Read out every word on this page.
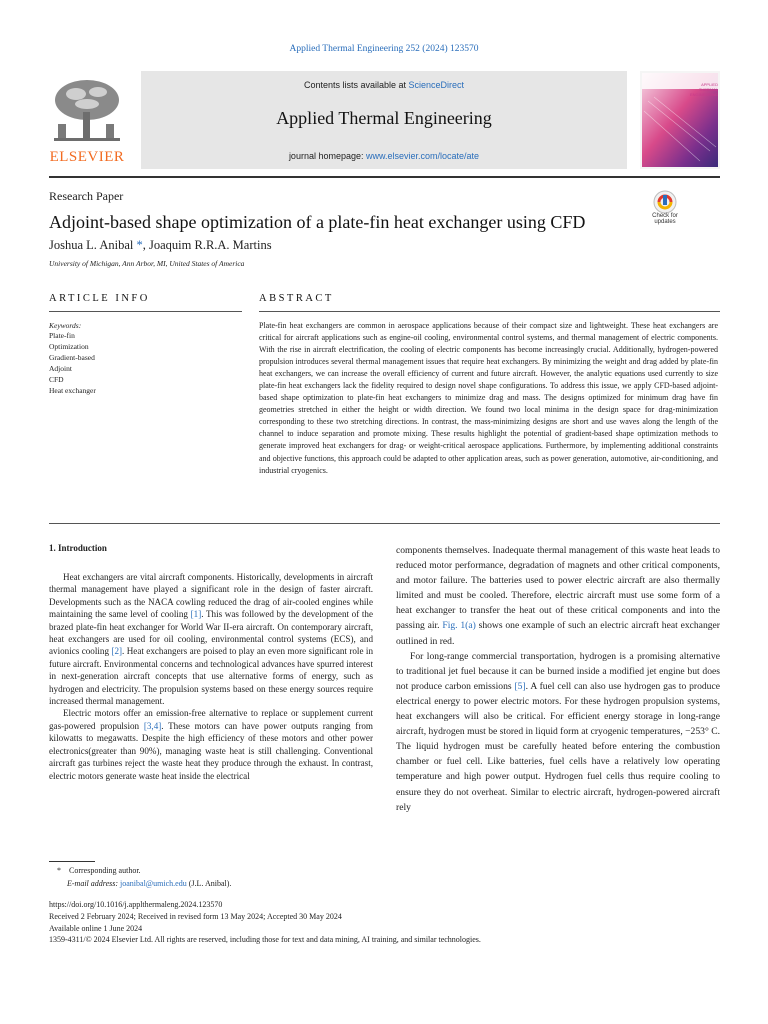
Applied Thermal Engineering 252 (2024) 123570
ELSEVIER
Contents lists available at ScienceDirect
Applied Thermal Engineering
journal homepage: www.elsevier.com/locate/ate
APPLIED
THERMAL
ENGINEERING
Research Paper
Adjoint-based shape optimization of a plate-fin heat exchanger using CFD	Check for updates
Joshua L. Anibal *, Joaquim R.R.A. Martins
University of Michigan, Ann Arbor, MI, United States of America
ARTICLE INFO	ABSTRACT
Keywords:
Plate-fin
Optimization
Gradient-based
Adjoint
CFD
Heat exchanger
Plate-fin heat exchangers are common in aerospace applications because of their compact size and lightweight. These heat exchangers are critical for aircraft applications such as engine-oil cooling, environmental control systems, and thermal management of electric components. With the rise in aircraft electrification, the cooling of electric components has become increasingly crucial. Additionally, hydrogen-powered propulsion introduces several thermal management issues that require heat exchangers. By minimizing the weight and drag added by plate-fin heat exchangers, we can increase the overall efficiency of current and future aircraft. However, the analytic equations used currently to size plate-fin heat exchangers lack the fidelity required to design novel shape configurations. To address this issue, we apply CFD-based adjoint-based shape optimization to plate-fin heat exchangers to minimize drag and mass. The designs optimized for minimum drag have fin geometries stretched in either the height or width direction. We found two local minima in the design space for drag-minimization corresponding to these two stretching directions. In contrast, the mass-minimizing designs are short and use waves along the length of the channel to induce separation and promote mixing. These results highlight the potential of gradient-based shape optimization methods to generate improved heat exchangers for drag- or weight-critical aerospace applications. Furthermore, by implementing additional constraints and objective functions, this approach could be adapted to other application areas, such as power generation, automotive, air-conditioning, and industrial cryogenics.
1. Introduction

Heat exchangers are vital aircraft components. Historically, developments in aircraft thermal management have played a significant role in the design of faster aircraft. Developments such as the NACA cowling reduced the drag of air-cooled engines while maintaining the same level of cooling [1]. This was followed by the development of the brazed plate-fin heat exchanger for World War II-era aircraft. On contemporary aircraft, heat exchangers are used for oil cooling, environmental control systems (ECS), and avionics cooling [2]. Heat exchangers are poised to play an even more significant role in future aircraft. Environmental concerns and technological advances have spurred interest in next-generation aircraft concepts that use alternative forms of energy, such as hydrogen and electricity. The propulsion systems based on these energy sources require increased thermal management.

Electric motors offer an emission-free alternative to replace or supplement current gas-powered propulsion [3,4]. These motors can have power outputs ranging from kilowatts to megawatts. Despite the high efficiency of these motors and other power electronics(greater than 90%), managing waste heat is still challenging. Conventional aircraft gas turbines reject the waste heat they produce through the exhaust. In contrast, electric motors generate waste heat inside the electrical

components themselves. Inadequate thermal management of this waste heat leads to reduced motor performance, degradation of magnets and other critical components, and motor failure. The batteries used to power electric aircraft are also thermally limited and must be cooled. Therefore, electric aircraft must use some form of a heat exchanger to transfer the heat out of these critical components and into the passing air. Fig. 1(a) shows one example of such an electric aircraft heat exchanger outlined in red.

For long-range commercial transportation, hydrogen is a promising alternative to traditional jet fuel because it can be burned inside a modified jet engine but does not produce carbon emissions [5]. A fuel cell can also use hydrogen gas to produce electrical energy to power electric motors. For these hydrogen propulsion systems, heat exchangers will also be critical. For efficient energy storage in long-range aircraft, hydrogen must be stored in liquid form at cryogenic temperatures, −253° C. The liquid hydrogen must be carefully heated before entering the combustion chamber or fuel cell. Like batteries, fuel cells have a relatively low operating temperature and high power output. Hydrogen fuel cells thus require cooling to ensure they do not overheat. Similar to electric aircraft, hydrogen-powered aircraft rely

* Corresponding author.
E-mail address: joanibal@umich.edu (J.L. Anibal).
https://doi.org/10.1016/j.applthermaleng.2024.123570
Received 2 February 2024; Received in revised form 13 May 2024; Accepted 30 May 2024
Available online 1 June 2024
1359-4311/© 2024 Elsevier Ltd. All rights are reserved, including those for text and data mining, AI training, and similar technologies.
